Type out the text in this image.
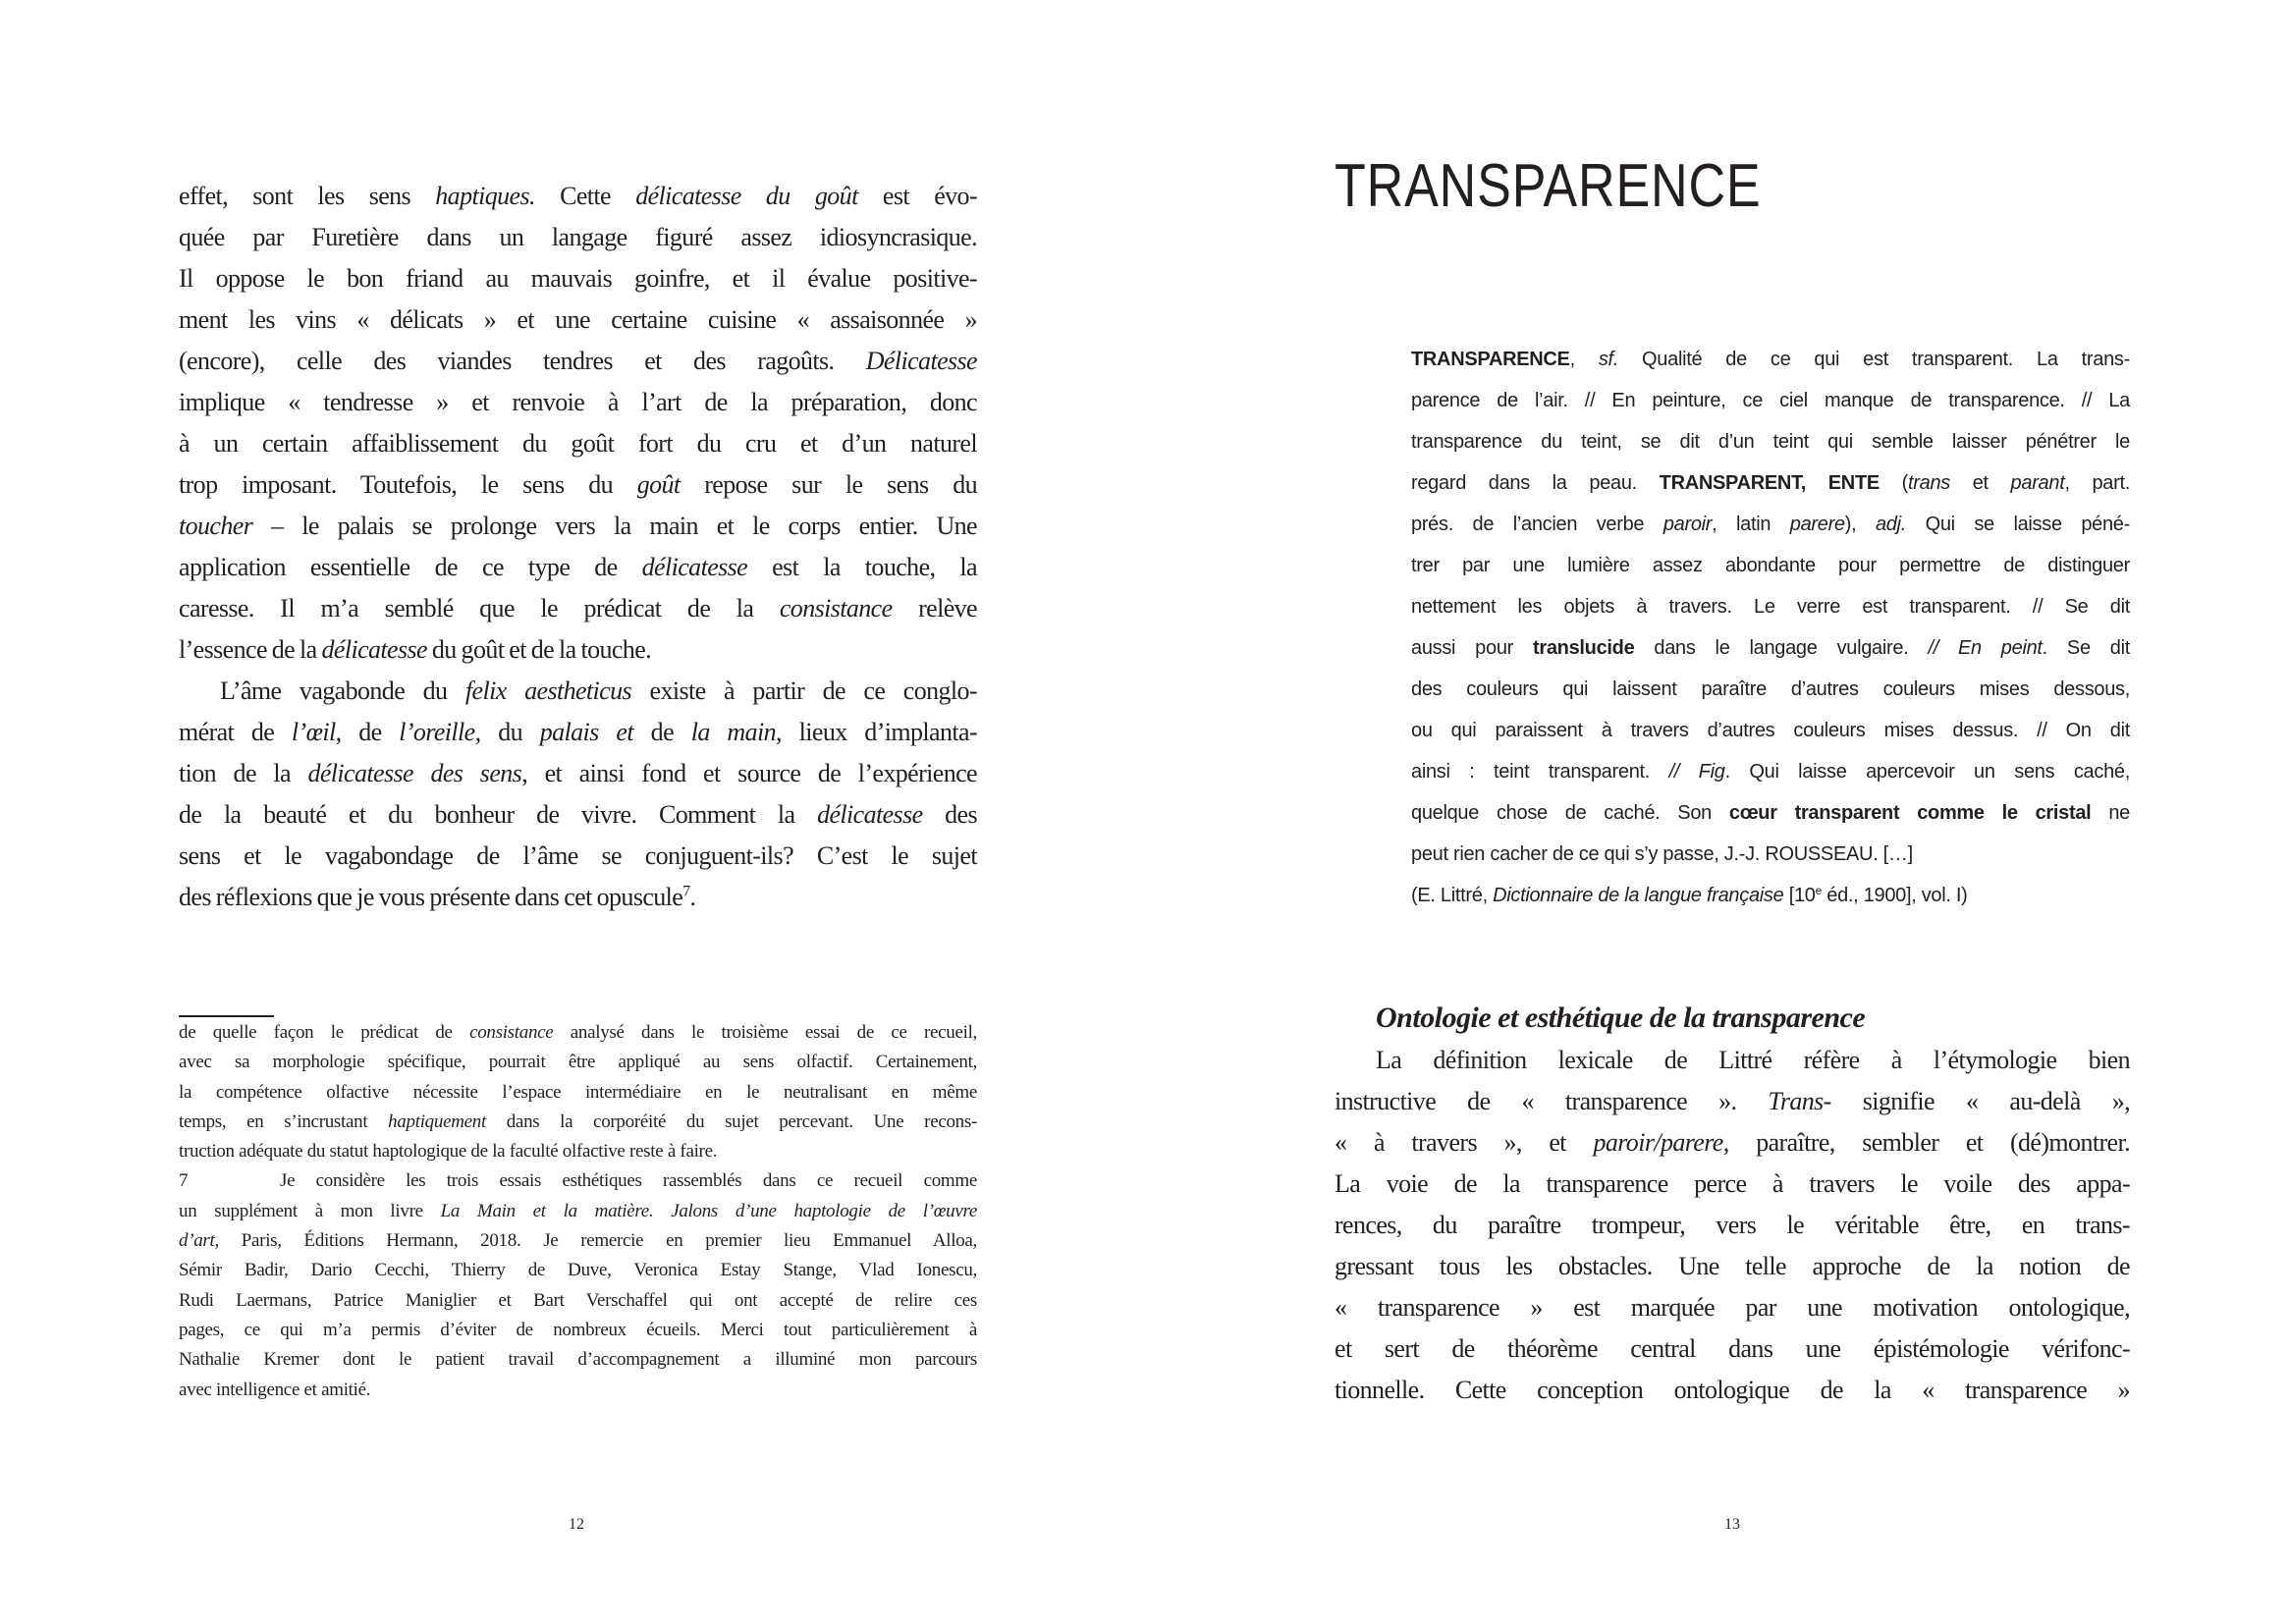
effet, sont les sens haptiques. Cette délicatesse du goût est évo-
quée par Furetière dans un langage figuré assez idiosyncrasique.
Il oppose le bon friand au mauvais goinfre, et il évalue positive-
ment les vins « délicats » et une certaine cuisine « assaisonnée »
(encore), celle des viandes tendres et des ragoûts. Délicatesse
implique « tendresse » et renvoie à l’art de la préparation, donc
à un certain affaiblissement du goût fort du cru et d’un naturel
trop imposant. Toutefois, le sens du goût repose sur le sens du
toucher – le palais se prolonge vers la main et le corps entier. Une
application essentielle de ce type de délicatesse est la touche, la
caresse. Il m’a semblé que le prédicat de la consistance relève
l’essence de la délicatesse du goût et de la touche.
L’âme vagabonde du felix aestheticus existe à partir de ce conglo-
mérat de l’œil, de l’oreille, du palais et de la main, lieux d’implanta-
tion de la délicatesse des sens, et ainsi fond et source de l’expérience
de la beauté et du bonheur de vivre. Comment la délicatesse des
sens et le vagabondage de l’âme se conjuguent-ils? C’est le sujet
des réflexions que je vous présente dans cet opuscule$^7$.
de quelle façon le prédicat de consistance analysé dans le troisième essai de ce recueil,
avec sa morphologie spécifique, pourrait être appliqué au sens olfactif. Certainement,
la compétence olfactive nécessite l’espace intermédiaire en le neutralisant en même
temps, en s’incrustant haptiquement dans la corporéité du sujet percevant. Une recons-
truction adéquate du statut haptologique de la faculté olfactive reste à faire.
7	Je considère les trois essais esthétiques rassemblés dans ce recueil comme
un supplément à mon livre La Main et la matière. Jalons d’une haptologie de l’œuvre
d’art, Paris, Éditions Hermann, 2018. Je remercie en premier lieu Emmanuel Alloa,
Sémir Badir, Dario Cecchi, Thierry de Duve, Veronica Estay Stange, Vlad Ionescu,
Rudi Laermans, Patrice Maniglier et Bart Verschaffel qui ont accepté de relire ces
pages, ce qui m’a permis d’éviter de nombreux écueils. Merci tout particulièrement à
Nathalie Kremer dont le patient travail d’accompagnement a illuminé mon parcours
avec intelligence et amitié.
12
TRANSPARENCE
TRANSPARENCE, sf. Qualité de ce qui est transparent. La trans-
parence de l’air. // En peinture, ce ciel manque de transparence. // La
transparence du teint, se dit d’un teint qui semble laisser pénétrer le
regard dans la peau. TRANSPARENT, ENTE (trans et parant, part.
prés. de l’ancien verbe paroir, latin parere), adj. Qui se laisse péné-
trer par une lumière assez abondante pour permettre de distinguer
nettement les objets à travers. Le verre est transparent. // Se dit
aussi pour translucide dans le langage vulgaire. // En peint. Se dit
des couleurs qui laissent paraître d’autres couleurs mises dessous,
ou qui paraissent à travers d’autres couleurs mises dessus. // On dit
ainsi : teint transparent. // Fig. Qui laisse apercevoir un sens caché,
quelque chose de caché. Son cœur transparent comme le cristal ne
peut rien cacher de ce qui s’y passe, J.-J. ROUSSEAU. […]
(E. Littré, Dictionnaire de la langue française [10e éd., 1900], vol. I)
Ontologie et esthétique de la transparence
La définition lexicale de Littré réfère à l’étymologie bien
instructive de « transparence ». Trans- signifie « au-delà »,
« à travers », et paroir/parere, paraître, sembler et (dé)montrer.
La voie de la transparence perce à travers le voile des appa-
rences, du paraître trompeur, vers le véritable être, en trans-
gressant tous les obstacles. Une telle approche de la notion de
« transparence » est marquée par une motivation ontologique,
et sert de théorème central dans une épistémologie vérifonc-
tionnelle. Cette conception ontologique de la « transparence »
13
